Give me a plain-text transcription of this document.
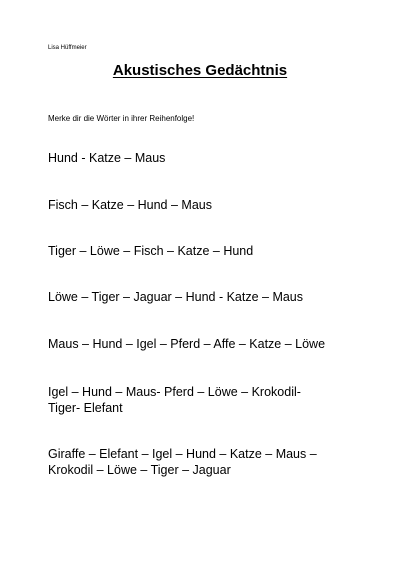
Lisa Hüffmeier
Akustisches Gedächtnis
Merke dir die Wörter in ihrer Reihenfolge!
Hund - Katze – Maus
Fisch – Katze – Hund – Maus
Tiger – Löwe – Fisch – Katze – Hund
Löwe – Tiger – Jaguar – Hund - Katze – Maus
Maus – Hund – Igel – Pferd – Affe – Katze – Löwe
Igel – Hund – Maus- Pferd – Löwe – Krokodil-
Tiger- Elefant
Giraffe – Elefant – Igel – Hund – Katze – Maus –
Krokodil – Löwe – Tiger – Jaguar
